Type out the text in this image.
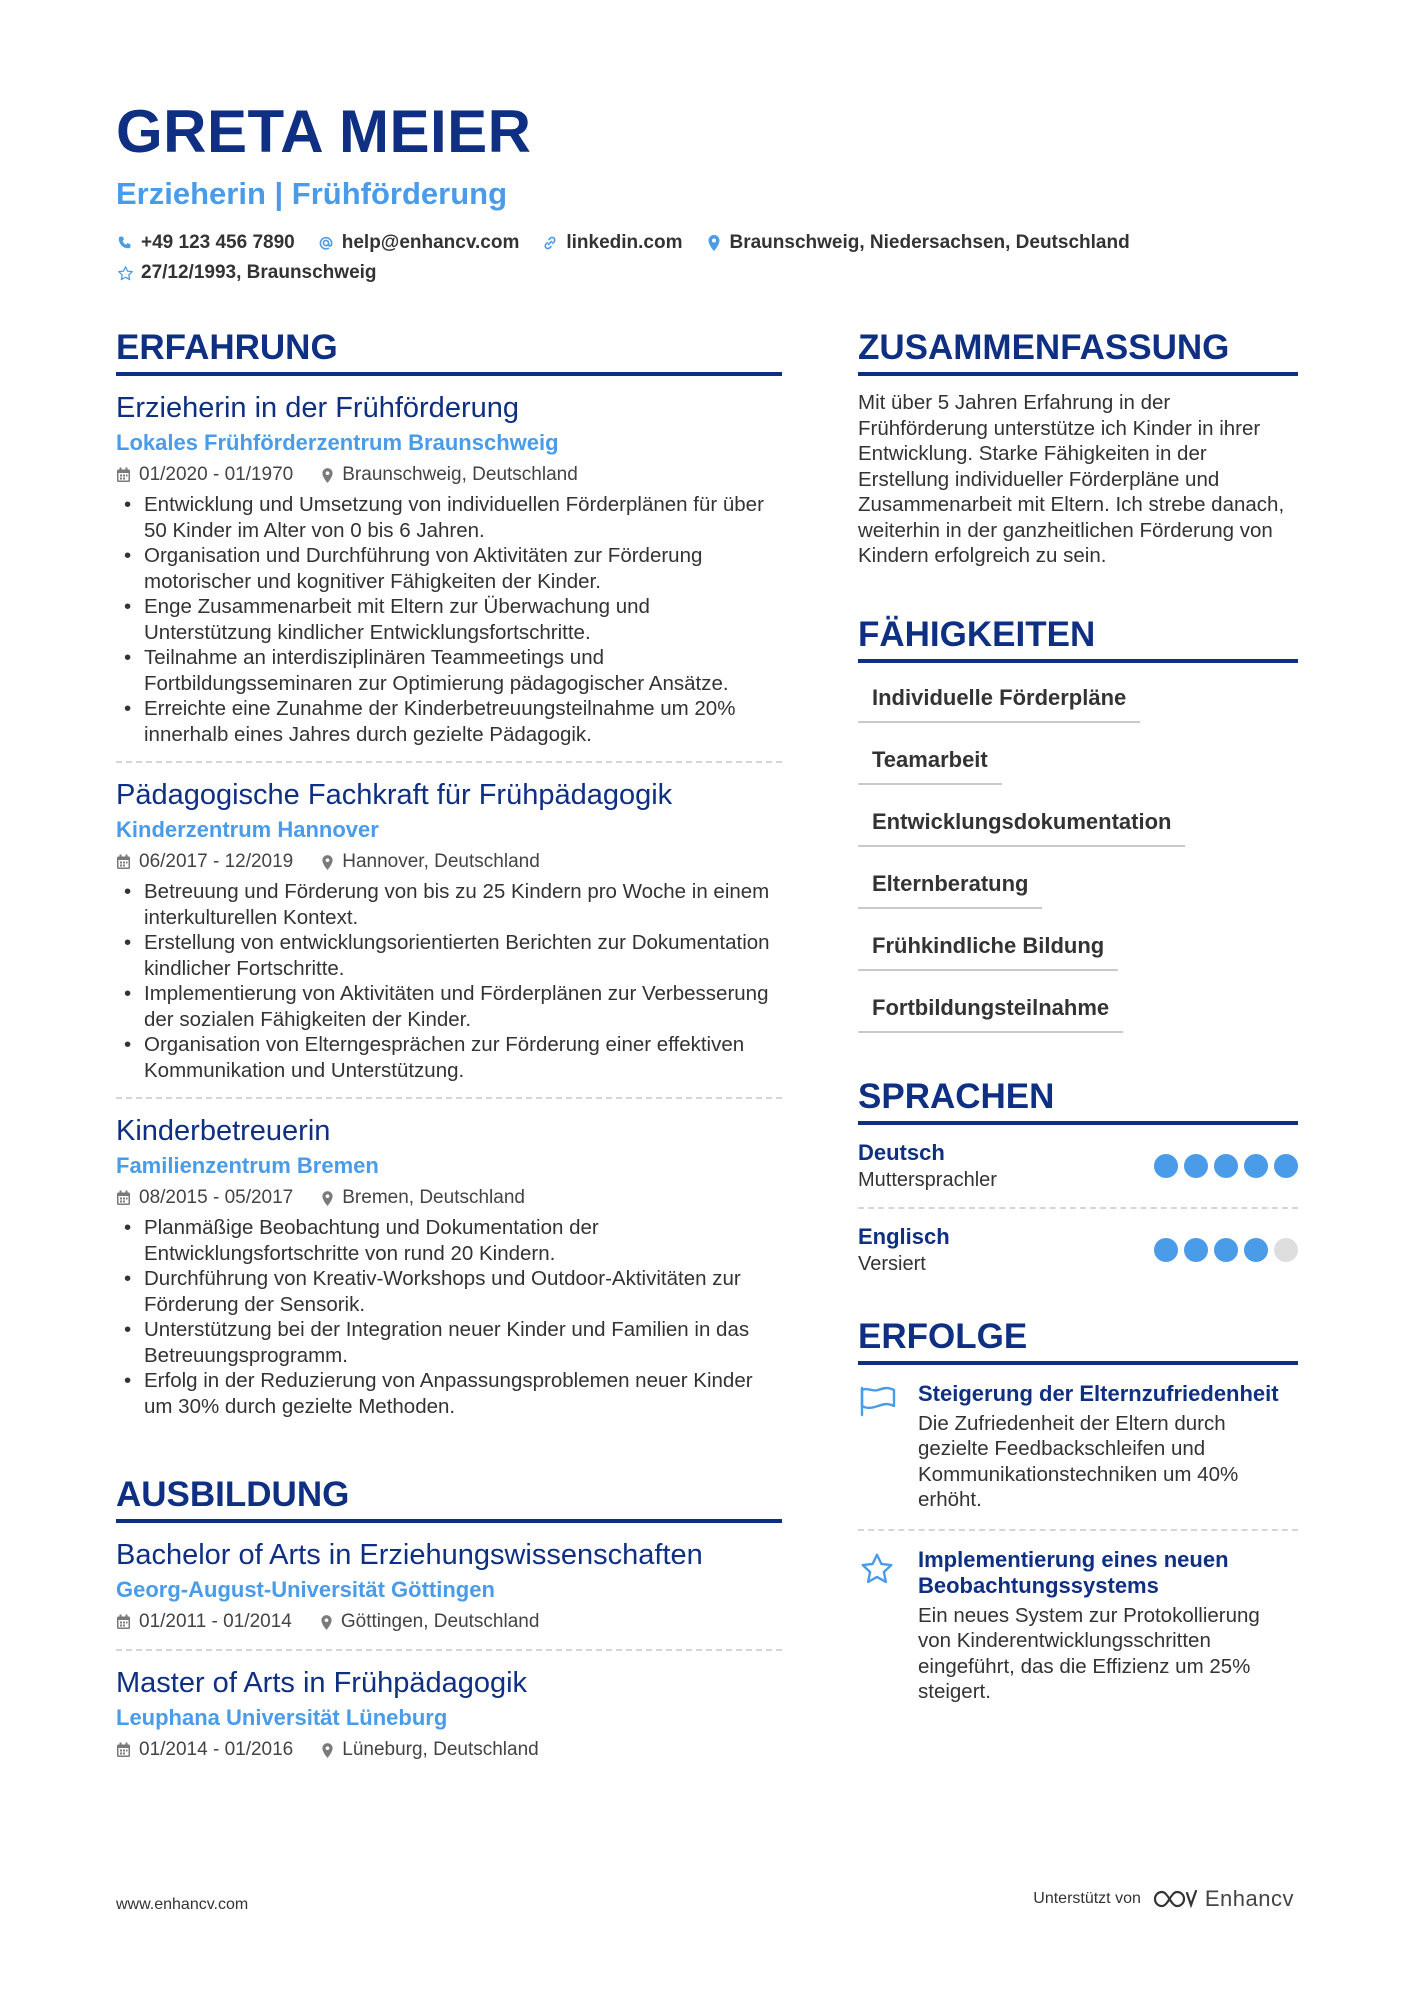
GRETA MEIER
Erzieherin | Frühförderung
+49 123 456 7890 help@enhancv.com linkedin.com Braunschweig, Niedersachsen, Deutschland
27/12/1993, Braunschweig
ERFAHRUNG
Erzieherin in der Frühförderung
Lokales Frühförderzentrum Braunschweig
01/2020 - 01/1970	Braunschweig, Deutschland
• Entwicklung und Umsetzung von individuellen Förderplänen für über 50 Kinder im Alter von 0 bis 6 Jahren.
• Organisation und Durchführung von Aktivitäten zur Förderung motorischer und kognitiver Fähigkeiten der Kinder.
• Enge Zusammenarbeit mit Eltern zur Überwachung und Unterstützung kindlicher Entwicklungsfortschritte.
• Teilnahme an interdisziplinären Teammeetings und Fortbildungsseminaren zur Optimierung pädagogischer Ansätze.
• Erreichte eine Zunahme der Kinderbetreuungsteilnahme um 20% innerhalb eines Jahres durch gezielte Pädagogik.
Pädagogische Fachkraft für Frühpädagogik
Kinderzentrum Hannover
06/2017 - 12/2019	Hannover, Deutschland
• Betreuung und Förderung von bis zu 25 Kindern pro Woche in einem interkulturellen Kontext.
• Erstellung von entwicklungsorientierten Berichten zur Dokumentation kindlicher Fortschritte.
• Implementierung von Aktivitäten und Förderplänen zur Verbesserung der sozialen Fähigkeiten der Kinder.
• Organisation von Elterngesprächen zur Förderung einer effektiven Kommunikation und Unterstützung.
Kinderbetreuerin
Familienzentrum Bremen
08/2015 - 05/2017	Bremen, Deutschland
• Planmäßige Beobachtung und Dokumentation der Entwicklungsfortschritte von rund 20 Kindern.
• Durchführung von Kreativ-Workshops und Outdoor-Aktivitäten zur Förderung der Sensorik.
• Unterstützung bei der Integration neuer Kinder und Familien in das Betreuungsprogramm.
• Erfolg in der Reduzierung von Anpassungsproblemen neuer Kinder um 30% durch gezielte Methoden.
AUSBILDUNG
Bachelor of Arts in Erziehungswissenschaften
Georg-August-Universität Göttingen
01/2011 - 01/2014	Göttingen, Deutschland
Master of Arts in Frühpädagogik
Leuphana Universität Lüneburg
01/2014 - 01/2016	Lüneburg, Deutschland
ZUSAMMENFASSUNG
Mit über 5 Jahren Erfahrung in der Frühförderung unterstütze ich Kinder in ihrer Entwicklung. Starke Fähigkeiten in der Erstellung individueller Förderpläne und Zusammenarbeit mit Eltern. Ich strebe danach, weiterhin in der ganzheitlichen Förderung von Kindern erfolgreich zu sein.
FÄHIGKEITEN
Individuelle Förderpläne
Teamarbeit
Entwicklungsdokumentation
Elternberatung
Frühkindliche Bildung
Fortbildungsteilnahme
SPRACHEN
Deutsch
Muttersprachler
Englisch
Versiert
ERFOLGE
Steigerung der Elternzufriedenheit
Die Zufriedenheit der Eltern durch gezielte Feedbackschleifen und Kommunikationstechniken um 40% erhöht.
Implementierung eines neuen Beobachtungssystems
Ein neues System zur Protokollierung von Kinderentwicklungsschritten eingeführt, das die Effizienz um 25% steigert.
www.enhancv.com	Unterstützt von	Enhancv
